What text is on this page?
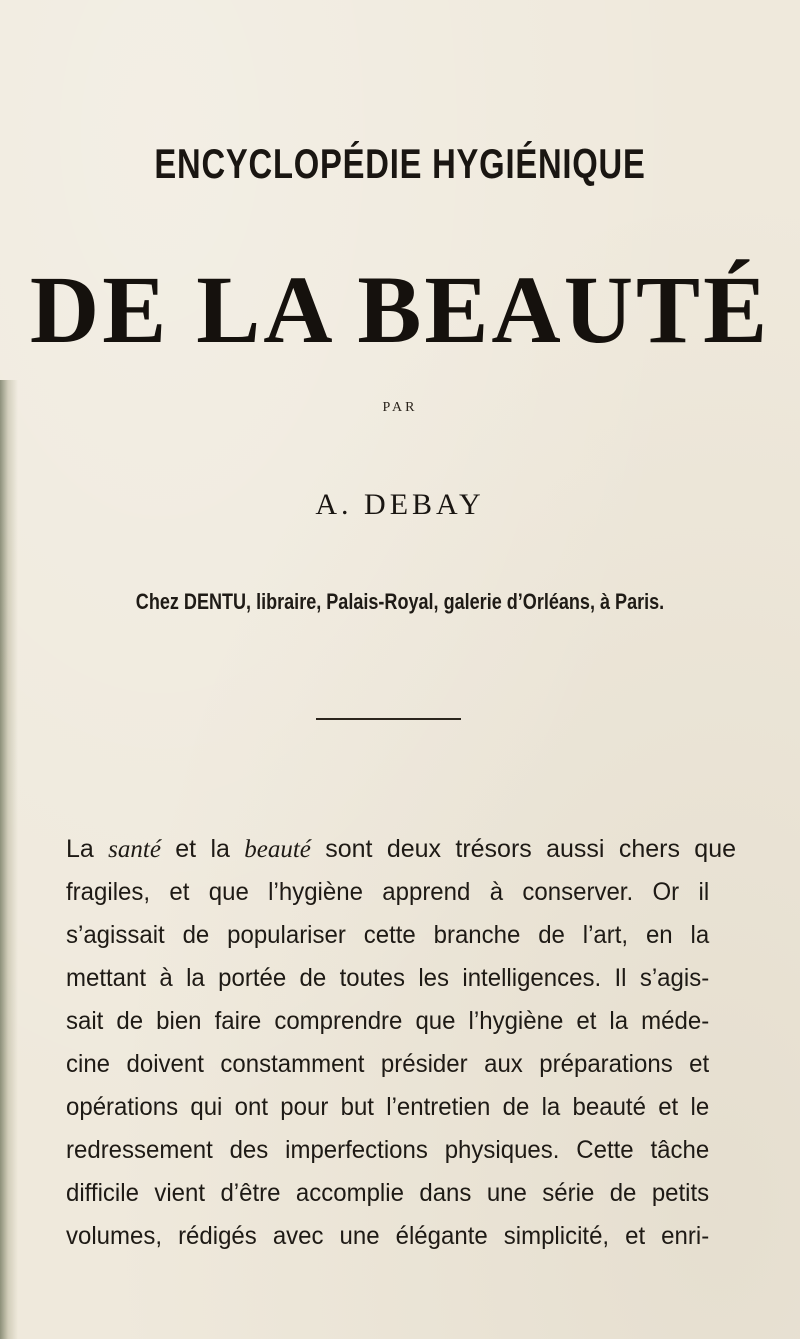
ENCYCLOPÉDIE HYGIÉNIQUE
DE LA BEAUTÉ
PAR
A. DEBAY
Chez DENTU, libraire, Palais-Royal, galerie d’Orléans, à Paris.
La santé et la beauté sont deux trésors aussi chers que
fragiles, et que l’hygiène apprend à conserver. Or il
s’agissait de populariser cette branche de l’art, en la
mettant à la portée de toutes les intelligences. Il s’agis-
sait de bien faire comprendre que l’hygiène et la méde-
cine doivent constamment présider aux préparations et
opérations qui ont pour but l’entretien de la beauté et le
redressement des imperfections physiques. Cette tâche
difficile vient d’être accomplie dans une série de petits
volumes, rédigés avec une élégante simplicité, et enri-
